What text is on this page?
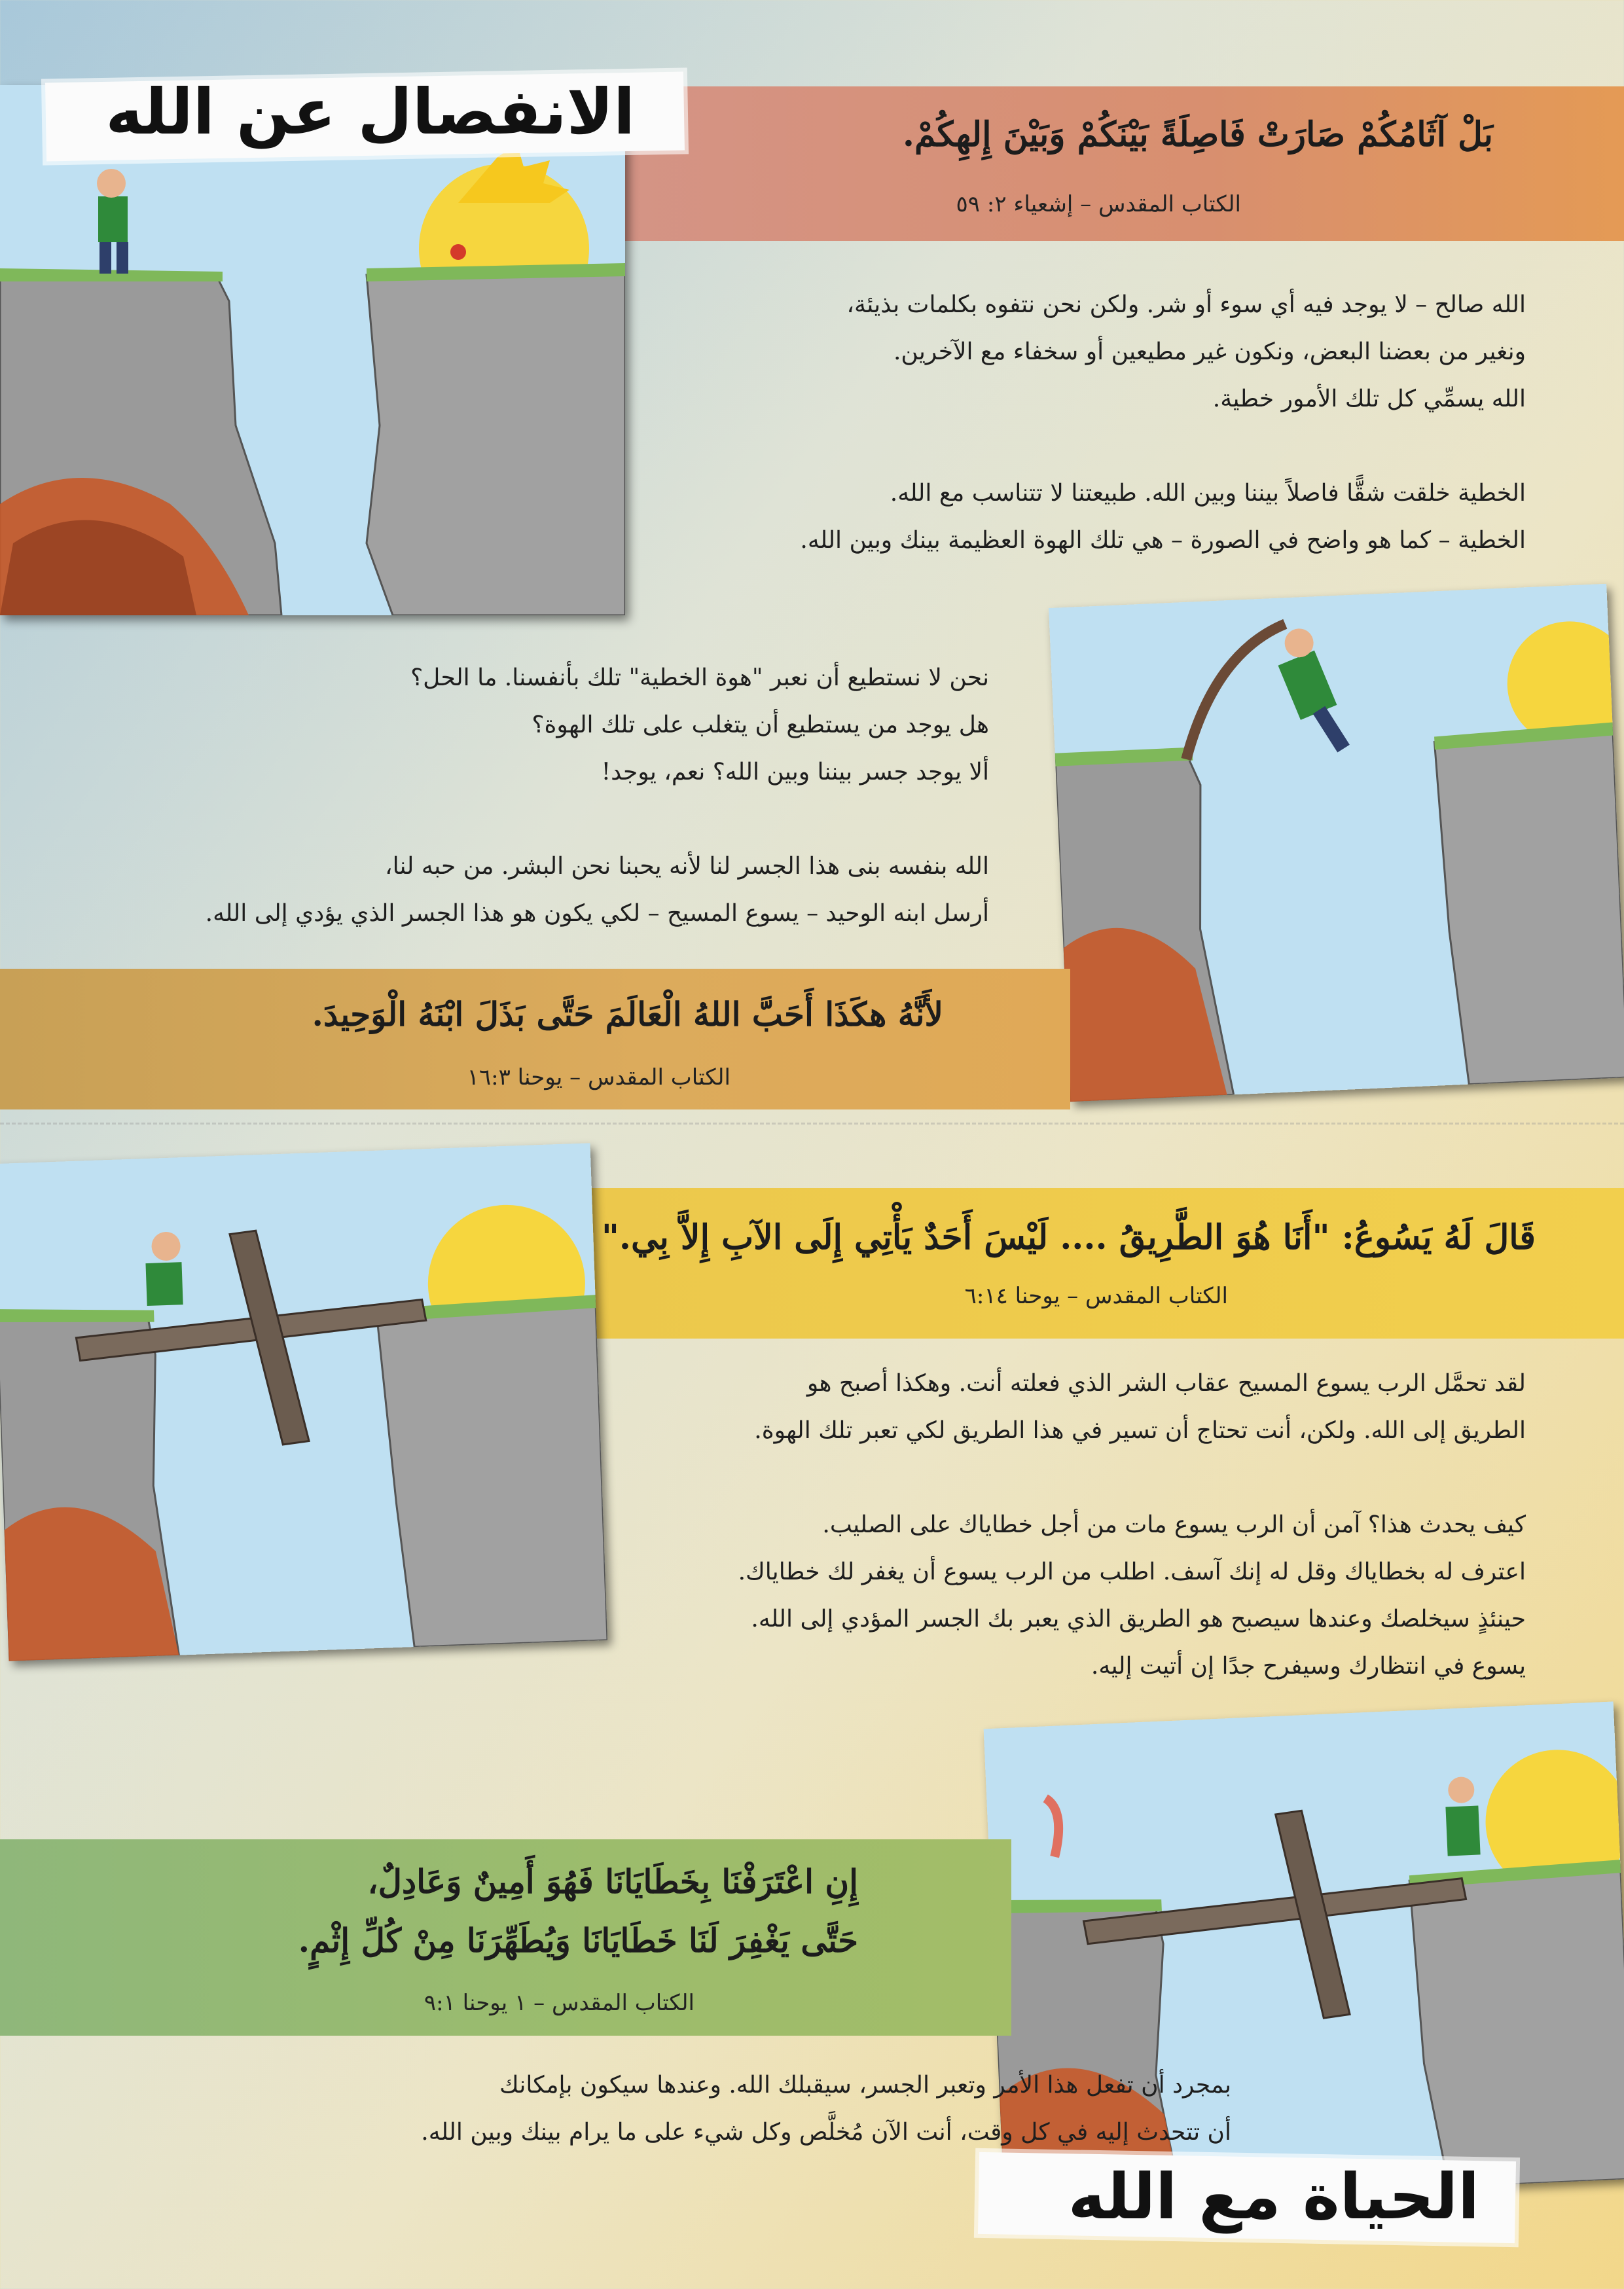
بَلْ آثَامُكُمْ صَارَتْ فَاصِلَةً بَيْنَكُمْ وَبَيْنَ إِلهِكُمْ.
الكتاب المقدس – إشعياء ٢: ٥٩
الانفصال عن الله

الله صالح – لا يوجد فيه أي سوء أو شر. ولكن نحن نتفوه بكلمات بذيئة،

ونغير من بعضنا البعض، ونكون غير مطيعين أو سخفاء مع الآخرين.

الله يسمِّي كل تلك الأمور خطية.

الخطية خلقت شقًّا فاصلاً بيننا وبين الله. طبيعتنا لا تتناسب مع الله.

الخطية – كما هو واضح في الصورة – هي تلك الهوة العظيمة بينك وبين الله.

نحن لا نستطيع أن نعبر "هوة الخطية" تلك بأنفسنا. ما الحل؟

هل يوجد من يستطيع أن يتغلب على تلك الهوة؟

ألا يوجد جسر بيننا وبين الله؟ نعم، يوجد!

الله بنفسه بنى هذا الجسر لنا لأنه يحبنا نحن البشر. من حبه لنا،

أرسل ابنه الوحيد – يسوع المسيح – لكي يكون هو هذا الجسر الذي يؤدي إلى الله.

لأَنَّهُ هكَذَا أَحَبَّ اللهُ الْعَالَمَ حَتَّى بَذَلَ ابْنَهُ الْوَحِيدَ.
الكتاب المقدس – يوحنا ١٦:٣
قَالَ لَهُ يَسُوعُ: "أَنَا هُوَ الطَّرِيقُ .... لَيْسَ أَحَدٌ يَأْتِي إِلَى الآبِ إِلاَّ بِي."
الكتاب المقدس – يوحنا ٦:١٤

لقد تحمَّل الرب يسوع المسيح عقاب الشر الذي فعلته أنت. وهكذا أصبح هو

الطريق إلى الله. ولكن، أنت تحتاج أن تسير في هذا الطريق لكي تعبر تلك الهوة.

كيف يحدث هذا؟ آمن أن الرب يسوع مات من أجل خطاياك على الصليب.

اعترف له بخطاياك وقل له إنك آسف. اطلب من الرب يسوع أن يغفر لك خطاياك.

حينئذٍ سيخلصك وعندها سيصبح هو الطريق الذي يعبر بك الجسر المؤدي إلى الله.

يسوع في انتظارك وسيفرح جدًا إن أتيت إليه.

إِنِ اعْتَرَفْنَا بِخَطَايَانَا فَهُوَ أَمِينٌ وَعَادِلٌ،
حَتَّى يَغْفِرَ لَنَا خَطَايَانَا وَيُطَهِّرَنَا مِنْ كُلِّ إِثْمٍ.
الكتاب المقدس – ١ يوحنا ٩:١

بمجرد أن تفعل هذا الأمر وتعبر الجسر، سيقبلك الله. وعندها سيكون بإمكانك

أن تتحدث إليه في كل وقت، أنت الآن مُخلَّص وكل شيء على ما يرام بينك وبين الله.

الحياة مع الله
